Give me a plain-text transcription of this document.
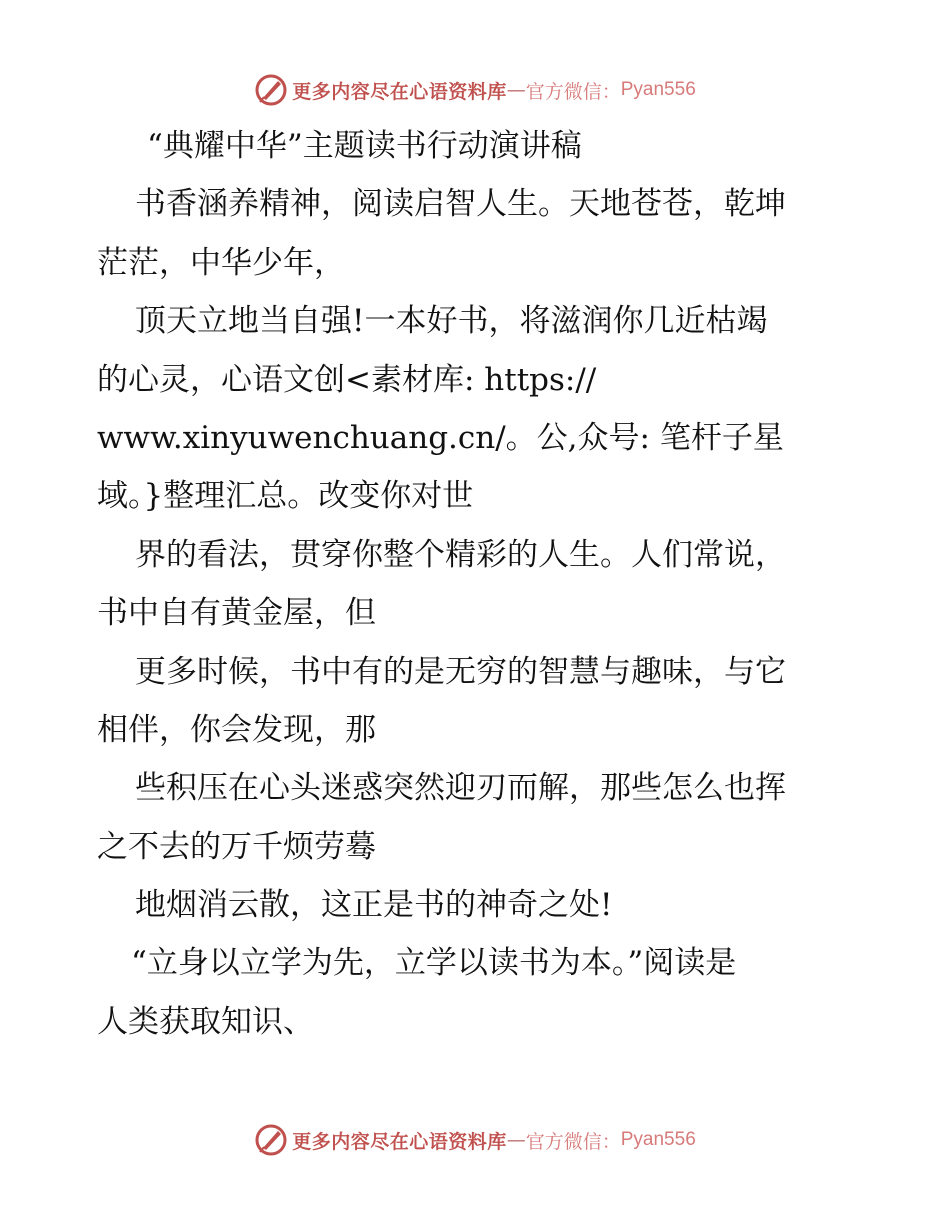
更多内容尽在心语资料库 — 官方微信： Pyan556
“典耀中华”主题读书行动演讲稿
书香涵养精神，阅读启智人生。天地苍苍，乾坤
茫茫，中华少年，
顶天立地当自强!一本好书，将滋润你几近枯竭
的心灵，心语文创<素材库: https://
www.xinyuwenchuang.cn/。公,众号: 笔杆子星
域。}整理汇总。改变你对世
界的看法，贯穿你整个精彩的人生。人们常说，
书中自有黄金屋，但
更多时候，书中有的是无穷的智慧与趣味，与它
相伴，你会发现，那
些积压在心头迷惑突然迎刃而解，那些怎么也挥
之不去的万千烦劳蓦
地烟消云散，这正是书的神奇之处!
“立身以立学为先，立学以读书为本。”阅读是
人类获取知识、
更多内容尽在心语资料库 — 官方微信： Pyan556
